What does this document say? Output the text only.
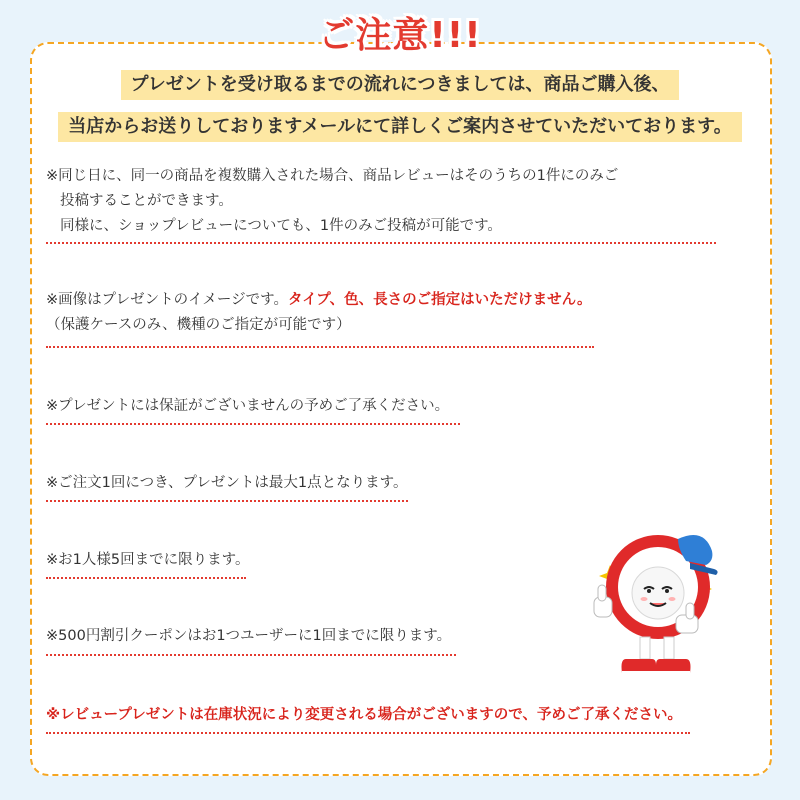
ご注意!!!
プレゼントを受け取るまでの流れにつきましては、商品ご購入後、
当店からお送りしておりますメールにて詳しくご案内させていただいております。
※同じ日に、同一の商品を複数購入された場合、商品レビューはそのうちの1件にのみご
投稿することができます。
同様に、ショップレビューについても、1件のみご投稿が可能です。
※画像はプレゼントのイメージです。タイプ、色、長さのご指定はいただけません。
（保護ケースのみ、機種のご指定が可能です）
※プレゼントには保証がございませんの予めご了承ください。
※ご注文1回につき、プレゼントは最大1点となります。
※お1人様5回までに限ります。
※500円割引クーポンはお1つユーザーに1回までに限ります。
※レビュープレゼントは在庫状況により変更される場合がございますので、予めご了承ください。
